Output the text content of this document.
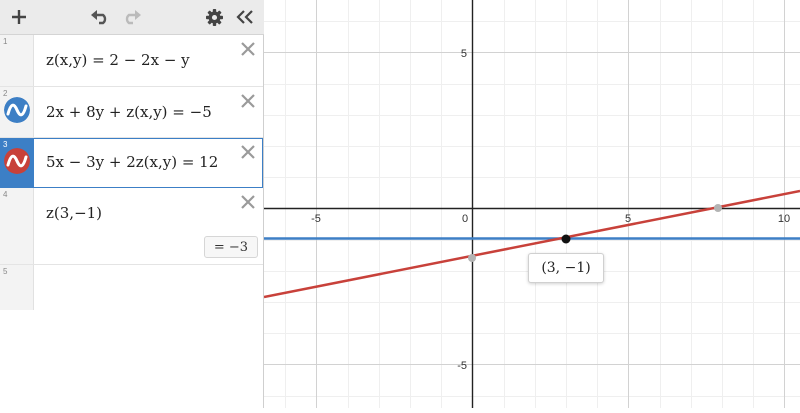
1
z(x,y) = 2 − 2x − y
2
2x + 8y + z(x,y) = −5
3
5x − 3y + 2z(x,y) = 12
4
z(3,−1)
= −3
5
-5	0	5	10
5
-5
(3, −1)
